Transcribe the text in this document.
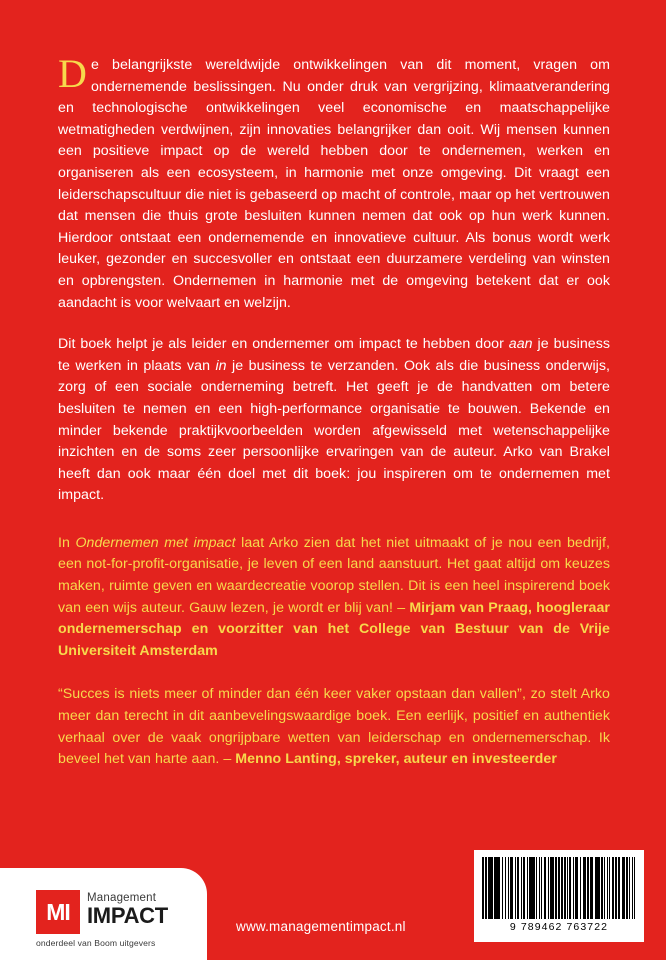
De belangrijkste wereldwijde ontwikkelingen van dit moment, vragen om ondernemende beslissingen. Nu onder druk van vergrijzing, klimaatverandering en technologische ontwikkelingen veel economische en maatschappelijke wetmatigheden verdwijnen, zijn innovaties belangrijker dan ooit. Wij mensen kunnen een positieve impact op de wereld hebben door te ondernemen, werken en organiseren als een ecosysteem, in harmonie met onze omgeving. Dit vraagt een leiderschapscultuur die niet is gebaseerd op macht of controle, maar op het vertrouwen dat mensen die thuis grote besluiten kunnen nemen dat ook op hun werk kunnen. Hierdoor ontstaat een ondernemende en innovatieve cultuur. Als bonus wordt werk leuker, gezonder en succesvoller en ontstaat een duurzamere verdeling van winsten en opbrengsten. Ondernemen in harmonie met de omgeving betekent dat er ook aandacht is voor welvaart en welzijn.

Dit boek helpt je als leider en ondernemer om impact te hebben door aan je business te werken in plaats van in je business te verzanden. Ook als die business onderwijs, zorg of een sociale onderneming betreft. Het geeft je de handvatten om betere besluiten te nemen en een high-performance organisatie te bouwen. Bekende en minder bekende praktijkvoorbeelden worden afgewisseld met wetenschappelijke inzichten en de soms zeer persoonlijke ervaringen van de auteur. Arko van Brakel heeft dan ook maar één doel met dit boek: jou inspireren om te ondernemen met impact.

In Ondernemen met impact laat Arko zien dat het niet uitmaakt of je nou een bedrijf, een not-for-profit-organisatie, je leven of een land aanstuurt. Het gaat altijd om keuzes maken, ruimte geven en waardecreatie voorop stellen. Dit is een heel inspirerend boek van een wijs auteur. Gauw lezen, je wordt er blij van! – Mirjam van Praag, hoogleraar ondernemerschap en voorzitter van het College van Bestuur van de Vrije Universiteit Amsterdam

“Succes is niets meer of minder dan één keer vaker opstaan dan vallen”, zo stelt Arko meer dan terecht in dit aanbevelingswaardige boek. Een eerlijk, positief en authentiek verhaal over de vaak ongrijpbare wetten van leiderschap en ondernemerschap. Ik beveel het van harte aan. – Menno Lanting, spreker, auteur en investeerder

MI
Management
IMPACT
onderdeel van Boom uitgevers
www.managementimpact.nl	9 789462 763722
